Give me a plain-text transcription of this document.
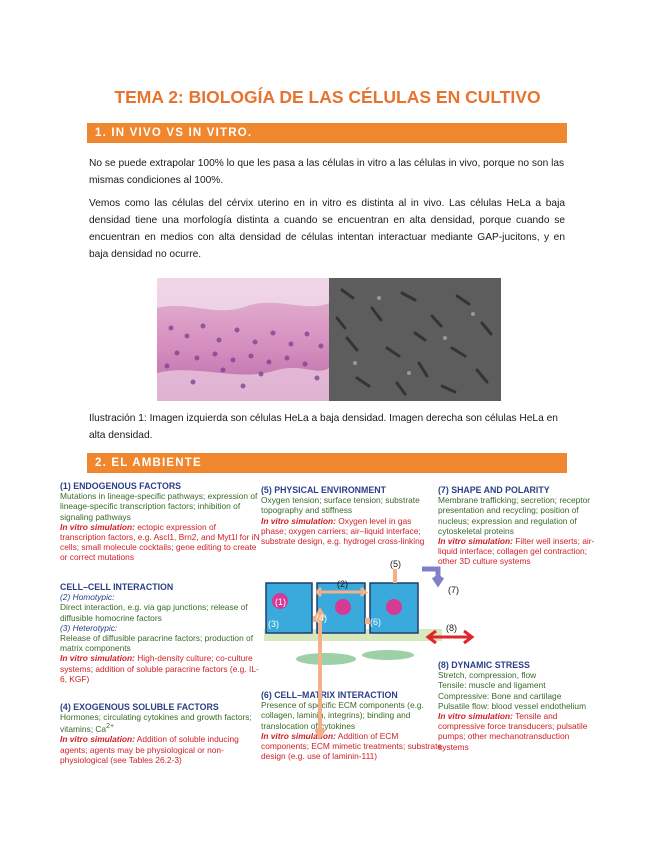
TEMA 2: BIOLOGÍA DE LAS CÉLULAS EN CULTIVO
1. IN VIVO VS IN VITRO.

No se puede extrapolar 100% lo que les pasa a las células in vitro a las células in vivo, porque no son las mismas condiciones al 100%.

Vemos como las células del cérvix uterino en in vitro es distinta al in vivo. Las células HeLa a baja densidad tiene una morfología distinta a cuando se encuentran en alta densidad, porque cuando se encuentran en medios con alta densidad de células intentan interactuar mediante GAP-jucitons, y en baja densidad no ocurre.

Ilustración 1: Imagen izquierda son células HeLa a baja densidad. Imagen derecha son células HeLa en alta densidad.

2. EL AMBIENTE
(1) ENDOGENOUS FACTORS
Mutations in lineage-specific pathways; expression of lineage-specific transcription factors; inhibition of signaling pathways
In vitro simulation: ectopic expression of transcription factors, e.g. Ascl1, Brn2, and Myt1l for iN cells; small molecule cocktails; gene editing to create or correct mutations
CELL–CELL INTERACTION
(2) Homotypic:
Direct interaction, e.g. via gap junctions; release of diffusible homocrine factors
(3) Heterotypic:
Release of diffusible paracrine factors; production of matrix components
In vitro simulation: High-density culture; co-culture systems; addition of soluble paracrine factors (e.g. IL-6, KGF)
(4) EXOGENOUS SOLUBLE FACTORS
Hormones; circulating cytokines and growth factors; vitamins; $Ca^{2+}$
In vitro simulation: Addition of soluble inducing agents; agents may be physiological or non-physiological (see Tables 26.2-3)
(5) PHYSICAL ENVIRONMENT
Oxygen tension; surface tension; substrate topography and stiffness
In vitro simulation: Oxygen level in gas phase; oxygen carriers; air–liquid interface; substrate design, e.g. hydrogel cross-linking
(6) CELL–MATRIX INTERACTION
Presence of specific ECM components (e.g. collagen, laminin, integrins); binding and translocation of cytokines
In vitro simulation: Addition of ECM components; ECM mimetic treatments; substrate design (e.g. use of laminin-111)
(7) SHAPE AND POLARITY
Membrane trafficking; secretion; receptor presentation and recycling; position of nucleus; expression and regulation of cytoskeletal proteins
In vitro simulation: Filter well inserts; air-liquid interface; collagen gel contraction; other 3D culture systems
(8) DYNAMIC STRESS
Stretch, compression, flow
Tensile: muscle and ligament
Compressive: Bone and cartilage
Pulsatile flow: blood vessel endothelium
In vitro simulation: Tensile and compressive force transducers; pulsatile pumps; other mechanotransduction systems
(1)
(2)
(3)
(4)
(5)
(6)
(7)
(8)
